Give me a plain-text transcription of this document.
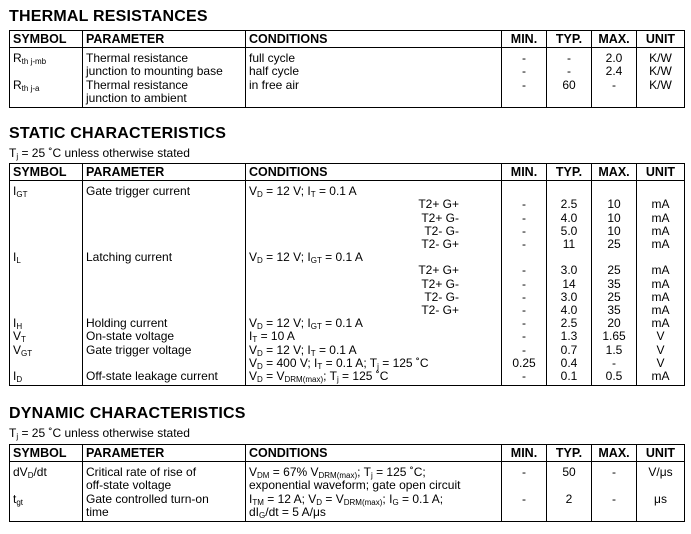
THERMAL RESISTANCES
SYMBOL	PARAMETER	CONDITIONS	MIN.	TYP.	MAX.	UNIT
$R_{th j-mb}$	Thermal resistance	full cycle	-	-	2.0	K/W
	junction to mounting base	half cycle	-	-	2.4	K/W
$R_{th j-a}$	Thermal resistance	in free air	-	60	-	K/W
	junction to ambient					
STATIC CHARACTERISTICS

$T_j = 25$ ˚C unless otherwise stated

SYMBOL	PARAMETER	CONDITIONS	MIN.	TYP.	MAX.	UNIT
$I_{GT}$	Gate trigger current	$V_D = 12$ V; $I_T = 0.1$ A				
		T2+ G+	-	2.5	10	mA
		T2+ G-	-	4.0	10	mA
		T2- G-	-	5.0	10	mA
		T2- G+	-	11	25	mA
$I_L$	Latching current	$V_D = 12$ V; $I_{GT} = 0.1$ A				
		T2+ G+	-	3.0	25	mA
		T2+ G-	-	14	35	mA
		T2- G-	-	3.0	25	mA
		T2- G+	-	4.0	35	mA
$I_H$	Holding current	$V_D = 12$ V; $I_{GT} = 0.1$ A	-	2.5	20	mA
$V_T$	On-state voltage	$I_T = 10$ A	-	1.3	1.65	V
$V_{GT}$	Gate trigger voltage	$V_D = 12$ V; $I_T = 0.1$ A	-	0.7	1.5	V
		$V_D = 400$ V; $I_T = 0.1$ A; $T_j = 125$ ˚C	0.25	0.4	-	V
$I_D$	Off-state leakage current	$V_D = V_{DRM(max)}$; $T_j = 125$ ˚C	-	0.1	0.5	mA
DYNAMIC CHARACTERISTICS

$T_j = 25$ ˚C unless otherwise stated

SYMBOL	PARAMETER	CONDITIONS	MIN.	TYP.	MAX.	UNIT
$dV_D/dt$	Critical rate of rise of	$V_{DM} = 67\%$ $V_{DRM(max)}$; $T_j = 125$ ˚C;	-	50	-	V/μs
	off-state voltage	exponential waveform; gate open circuit				
$t_{gt}$	Gate controlled turn-on	$I_{TM} = 12$ A; $V_D = V_{DRM(max)}$; $I_G = 0.1$ A;	-	2	-	μs
	time	$dI_G/dt = 5$ A/μs				
